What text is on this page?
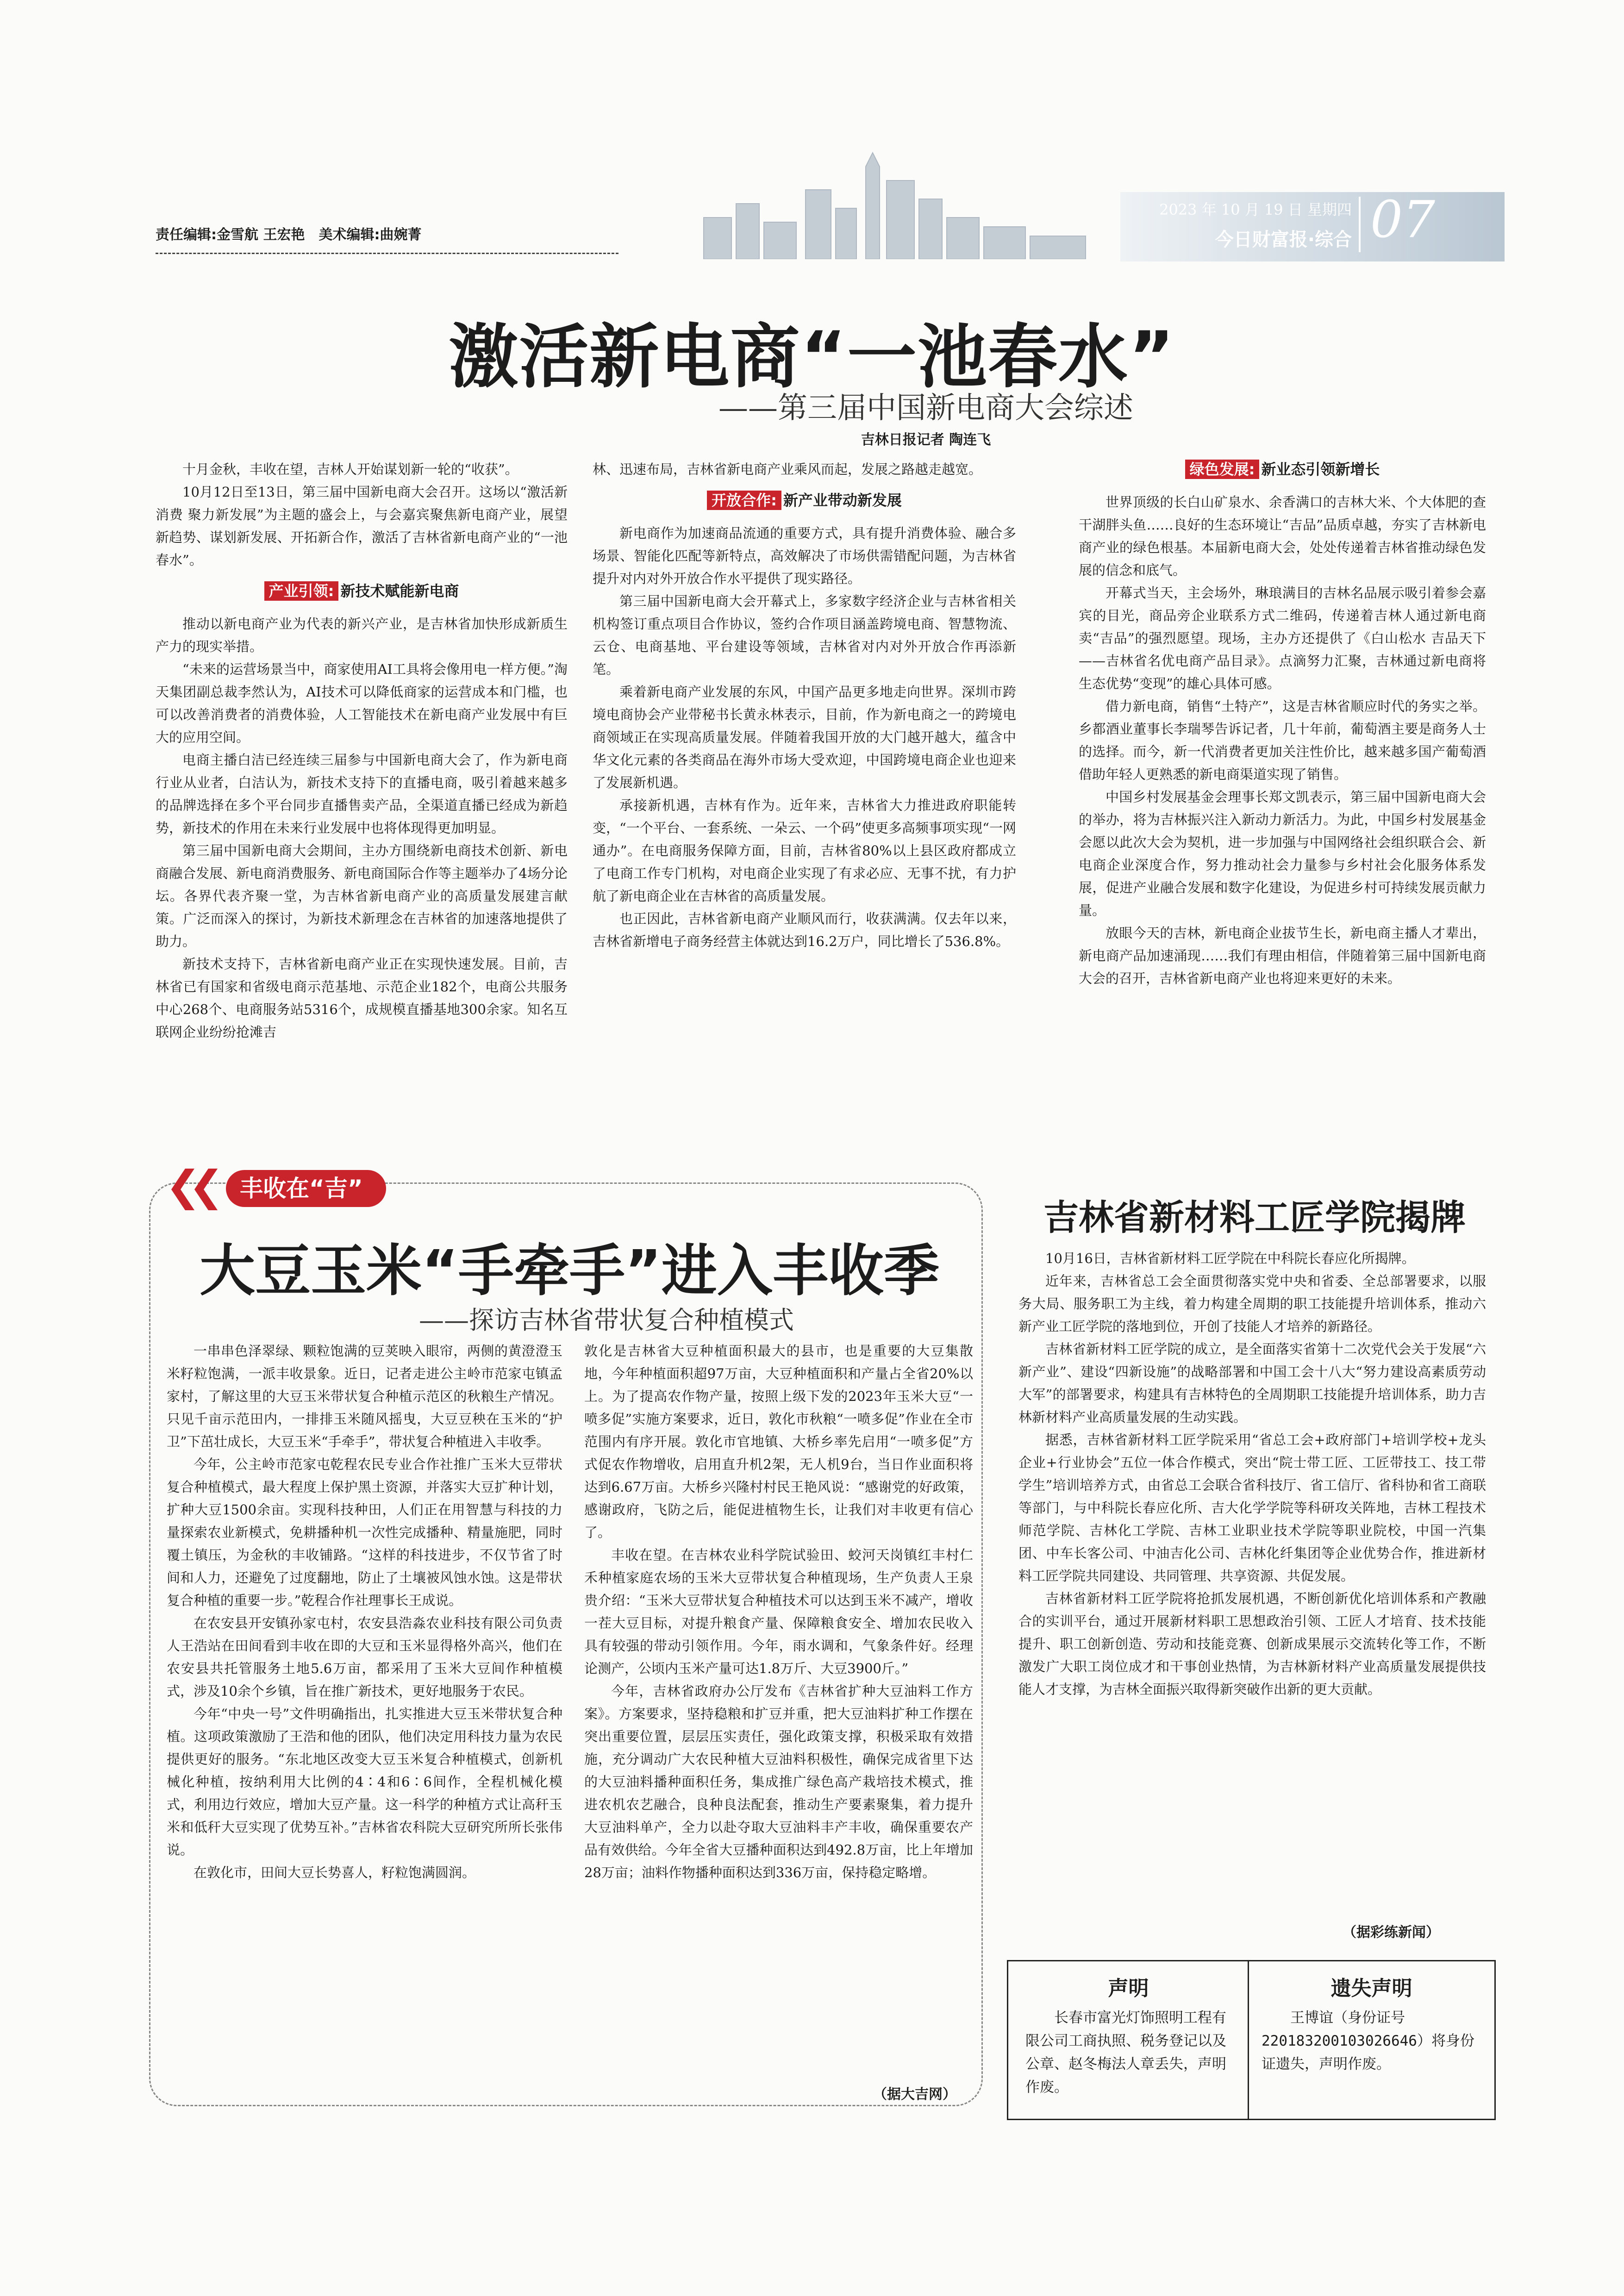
责任编辑:金雪航 王宏艳　美术编辑:曲婉菁
2023 年 10 月 19 日 星期四
今日财富报·综合 07
激活新电商“一池春水”
——第三届中国新电商大会综述
吉林日报记者 陶连飞

十月金秋，丰收在望，吉林人开始谋划新一轮的“收获”。

10月12日至13日，第三届中国新电商大会召开。这场以“激活新消费 聚力新发展”为主题的盛会上，与会嘉宾聚焦新电商产业，展望新趋势、谋划新发展、开拓新合作，激活了吉林省新电商产业的“一池春水”。

产业引领: 新技术赋能新电商

推动以新电商产业为代表的新兴产业，是吉林省加快形成新质生产力的现实举措。

“未来的运营场景当中，商家使用AI工具将会像用电一样方便。”淘天集团副总裁李然认为，AI技术可以降低商家的运营成本和门槛，也可以改善消费者的消费体验，人工智能技术在新电商产业发展中有巨大的应用空间。

电商主播白洁已经连续三届参与中国新电商大会了，作为新电商行业从业者，白洁认为，新技术支持下的直播电商，吸引着越来越多的品牌选择在多个平台同步直播售卖产品，全渠道直播已经成为新趋势，新技术的作用在未来行业发展中也将体现得更加明显。

第三届中国新电商大会期间，主办方围绕新电商技术创新、新电商融合发展、新电商消费服务、新电商国际合作等主题举办了4场分论坛。各界代表齐聚一堂，为吉林省新电商产业的高质量发展建言献策。广泛而深入的探讨，为新技术新理念在吉林省的加速落地提供了助力。

新技术支持下，吉林省新电商产业正在实现快速发展。目前，吉林省已有国家和省级电商示范基地、示范企业182个，电商公共服务中心268个、电商服务站5316个，成规模直播基地300余家。知名互联网企业纷纷抢滩吉

林、迅速布局，吉林省新电商产业乘风而起，发展之路越走越宽。

开放合作: 新产业带动新发展

新电商作为加速商品流通的重要方式，具有提升消费体验、融合多场景、智能化匹配等新特点，高效解决了市场供需错配问题，为吉林省提升对内对外开放合作水平提供了现实路径。

第三届中国新电商大会开幕式上，多家数字经济企业与吉林省相关机构签订重点项目合作协议，签约合作项目涵盖跨境电商、智慧物流、云仓、电商基地、平台建设等领域，吉林省对内对外开放合作再添新笔。

乘着新电商产业发展的东风，中国产品更多地走向世界。深圳市跨境电商协会产业带秘书长黄永林表示，目前，作为新电商之一的跨境电商领域正在实现高质量发展。伴随着我国开放的大门越开越大，蕴含中华文化元素的各类商品在海外市场大受欢迎，中国跨境电商企业也迎来了发展新机遇。

承接新机遇，吉林有作为。近年来，吉林省大力推进政府职能转变，“一个平台、一套系统、一朵云、一个码”使更多高频事项实现“一网通办”。在电商服务保障方面，目前，吉林省80%以上县区政府都成立了电商工作专门机构，对电商企业实现了有求必应、无事不扰，有力护航了新电商企业在吉林省的高质量发展。

也正因此，吉林省新电商产业顺风而行，收获满满。仅去年以来，吉林省新增电子商务经营主体就达到16.2万户，同比增长了536.8%。

绿色发展: 新业态引领新增长

世界顶级的长白山矿泉水、余香满口的吉林大米、个大体肥的查干湖胖头鱼……良好的生态环境让“吉品”品质卓越，夯实了吉林新电商产业的绿色根基。本届新电商大会，处处传递着吉林省推动绿色发展的信念和底气。

开幕式当天，主会场外，琳琅满目的吉林名品展示吸引着参会嘉宾的目光，商品旁企业联系方式二维码，传递着吉林人通过新电商卖“吉品”的强烈愿望。现场，主办方还提供了《白山松水 吉品天下——吉林省名优电商产品目录》。点滴努力汇聚，吉林通过新电商将生态优势“变现”的雄心具体可感。

借力新电商，销售“土特产”，这是吉林省顺应时代的务实之举。乡都酒业董事长李瑞琴告诉记者，几十年前，葡萄酒主要是商务人士的选择。而今，新一代消费者更加关注性价比，越来越多国产葡萄酒借助年轻人更熟悉的新电商渠道实现了销售。

中国乡村发展基金会理事长郑文凯表示，第三届中国新电商大会的举办，将为吉林振兴注入新动力新活力。为此，中国乡村发展基金会愿以此次大会为契机，进一步加强与中国网络社会组织联合会、新电商企业深度合作，努力推动社会力量参与乡村社会化服务体系发展，促进产业融合发展和数字化建设，为促进乡村可持续发展贡献力量。

放眼今天的吉林，新电商企业拔节生长，新电商主播人才辈出，新电商产品加速涌现……我们有理由相信，伴随着第三届中国新电商大会的召开，吉林省新电商产业也将迎来更好的未来。

丰收在“吉”
大豆玉米“手牵手”进入丰收季
——探访吉林省带状复合种植模式

一串串色泽翠绿、颗粒饱满的豆荚映入眼帘，两侧的黄澄澄玉米籽粒饱满，一派丰收景象。近日，记者走进公主岭市范家屯镇孟家村，了解这里的大豆玉米带状复合种植示范区的秋粮生产情况。只见千亩示范田内，一排排玉米随风摇曳，大豆豆秧在玉米的“护卫”下茁壮成长，大豆玉米“手牵手”，带状复合种植进入丰收季。

今年，公主岭市范家屯乾程农民专业合作社推广玉米大豆带状复合种植模式，最大程度上保护黑土资源，并落实大豆扩种计划，扩种大豆1500余亩。实现科技种田，人们正在用智慧与科技的力量探索农业新模式，免耕播种机一次性完成播种、精量施肥，同时覆土镇压，为金秋的丰收铺路。“这样的科技进步，不仅节省了时间和人力，还避免了过度翻地，防止了土壤被风蚀水蚀。这是带状复合种植的重要一步。”乾程合作社理事长王成说。

在农安县开安镇孙家屯村，农安县浩淼农业科技有限公司负责人王浩站在田间看到丰收在即的大豆和玉米显得格外高兴，他们在农安县共托管服务土地5.6万亩，都采用了玉米大豆间作种植模式，涉及10余个乡镇，旨在推广新技术，更好地服务于农民。

今年“中央一号”文件明确指出，扎实推进大豆玉米带状复合种植。这项政策激励了王浩和他的团队，他们决定用科技力量为农民提供更好的服务。“东北地区改变大豆玉米复合种植模式，创新机械化种植，按纳利用大比例的4∶4和6∶6间作，全程机械化模式，利用边行效应，增加大豆产量。这一科学的种植方式让高秆玉米和低秆大豆实现了优势互补。”吉林省农科院大豆研究所所长张伟说。

在敦化市，田间大豆长势喜人，籽粒饱满圆润。

敦化是吉林省大豆种植面积最大的县市，也是重要的大豆集散地，今年种植面积超97万亩，大豆种植面积和产量占全省20%以上。为了提高农作物产量，按照上级下发的2023年玉米大豆“一喷多促”实施方案要求，近日，敦化市秋粮“一喷多促”作业在全市范围内有序开展。敦化市官地镇、大桥乡率先启用“一喷多促”方式促农作物增收，启用直升机2架，无人机9台，当日作业面积将达到6.67万亩。大桥乡兴隆村村民王艳风说：“感谢党的好政策，感谢政府，飞防之后，能促进植物生长，让我们对丰收更有信心了。

丰收在望。在吉林农业科学院试验田、蛟河天岗镇红丰村仁禾种植家庭农场的玉米大豆带状复合种植现场，生产负责人王泉贵介绍：“玉米大豆带状复合种植技术可以达到玉米不减产，增收一茬大豆目标，对提升粮食产量、保障粮食安全、增加农民收入具有较强的带动引领作用。今年，雨水调和，气象条件好。经理论测产，公顷内玉米产量可达1.8万斤、大豆3900斤。”

今年，吉林省政府办公厅发布《吉林省扩种大豆油料工作方案》。方案要求，坚持稳粮和扩豆并重，把大豆油料扩种工作摆在突出重要位置，层层压实责任，强化政策支撑，积极采取有效措施，充分调动广大农民种植大豆油料积极性，确保完成省里下达的大豆油料播种面积任务，集成推广绿色高产栽培技术模式，推进农机农艺融合，良种良法配套，推动生产要素聚集，着力提升大豆油料单产，全力以赴夺取大豆油料丰产丰收，确保重要农产品有效供给。今年全省大豆播种面积达到492.8万亩，比上年增加28万亩；油料作物播种面积达到336万亩，保持稳定略增。

（据大吉网）
吉林省新材料工匠学院揭牌

10月16日，吉林省新材料工匠学院在中科院长春应化所揭牌。

近年来，吉林省总工会全面贯彻落实党中央和省委、全总部署要求，以服务大局、服务职工为主线，着力构建全周期的职工技能提升培训体系，推动六新产业工匠学院的落地到位，开创了技能人才培养的新路径。

吉林省新材料工匠学院的成立，是全面落实省第十二次党代会关于发展“六新产业”、建设“四新设施”的战略部署和中国工会十八大“努力建设高素质劳动大军”的部署要求，构建具有吉林特色的全周期职工技能提升培训体系，助力吉林新材料产业高质量发展的生动实践。

据悉，吉林省新材料工匠学院采用“省总工会+政府部门+培训学校+龙头企业+行业协会”五位一体合作模式，突出“院士带工匠、工匠带技工、技工带学生”培训培养方式，由省总工会联合省科技厅、省工信厅、省科协和省工商联等部门，与中科院长春应化所、吉大化学学院等科研攻关阵地，吉林工程技术师范学院、吉林化工学院、吉林工业职业技术学院等职业院校，中国一汽集团、中车长客公司、中油吉化公司、吉林化纤集团等企业优势合作，推进新材料工匠学院共同建设、共同管理、共享资源、共促发展。

吉林省新材料工匠学院将抢抓发展机遇，不断创新优化培训体系和产教融合的实训平台，通过开展新材料职工思想政治引领、工匠人才培育、技术技能提升、职工创新创造、劳动和技能竞赛、创新成果展示交流转化等工作，不断激发广大职工岗位成才和干事创业热情，为吉林新材料产业高质量发展提供技能人才支撑，为吉林全面振兴取得新突破作出新的更大贡献。

（据彩练新闻）
声明
长春市富光灯饰照明工程有限公司工商执照、税务登记以及公章、赵冬梅法人章丢失，声明作废。
遗失声明
王博谊（身份证号220183200103026646）将身份证遗失，声明作废。
